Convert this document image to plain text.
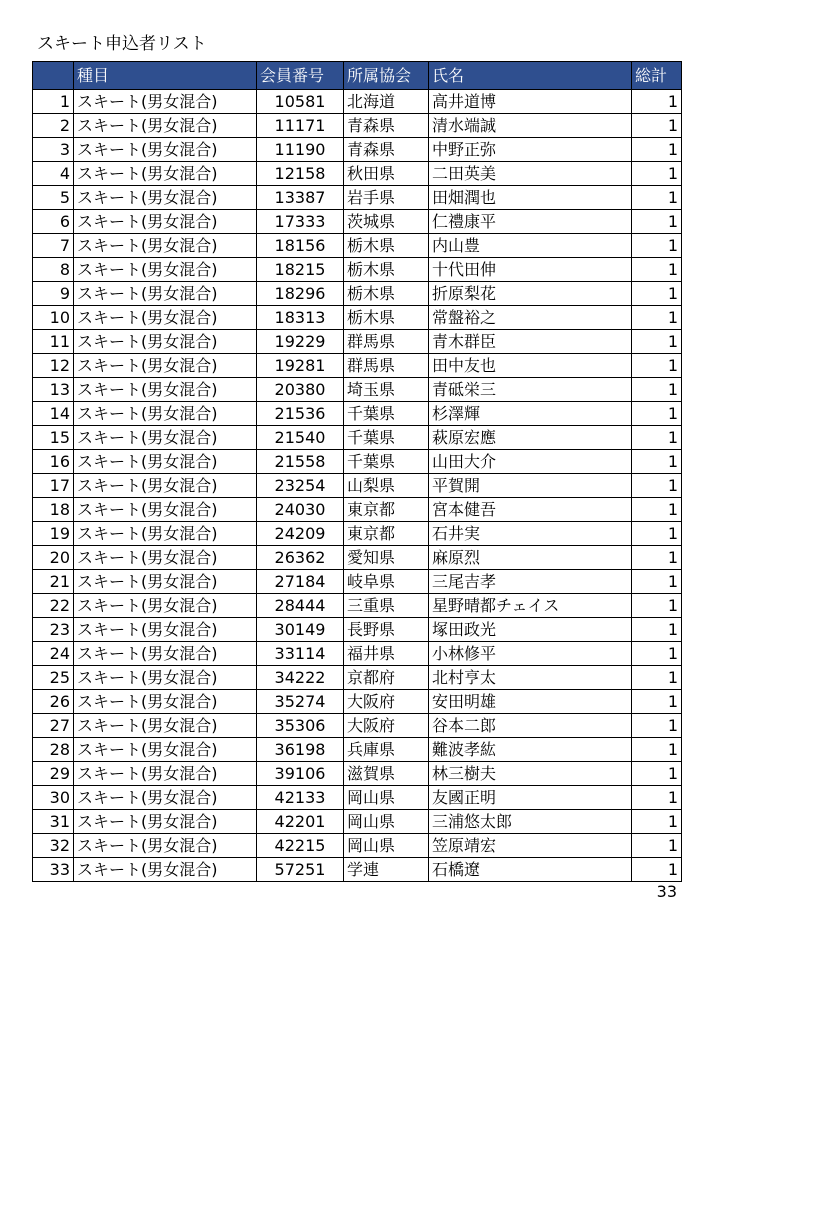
スキート申込者リスト
	種目	会員番号	所属協会	氏名	総計
1	スキート(男女混合)	10581	北海道	高井道博	1
2	スキート(男女混合)	11171	青森県	清水端誠	1
3	スキート(男女混合)	11190	青森県	中野正弥	1
4	スキート(男女混合)	12158	秋田県	二田英美	1
5	スキート(男女混合)	13387	岩手県	田畑潤也	1
6	スキート(男女混合)	17333	茨城県	仁禮康平	1
7	スキート(男女混合)	18156	栃木県	内山豊	1
8	スキート(男女混合)	18215	栃木県	十代田伸	1
9	スキート(男女混合)	18296	栃木県	折原梨花	1
10	スキート(男女混合)	18313	栃木県	常盤裕之	1
11	スキート(男女混合)	19229	群馬県	青木群臣	1
12	スキート(男女混合)	19281	群馬県	田中友也	1
13	スキート(男女混合)	20380	埼玉県	青砥栄三	1
14	スキート(男女混合)	21536	千葉県	杉澤輝	1
15	スキート(男女混合)	21540	千葉県	萩原宏應	1
16	スキート(男女混合)	21558	千葉県	山田大介	1
17	スキート(男女混合)	23254	山梨県	平賀開	1
18	スキート(男女混合)	24030	東京都	宮本健吾	1
19	スキート(男女混合)	24209	東京都	石井実	1
20	スキート(男女混合)	26362	愛知県	麻原烈	1
21	スキート(男女混合)	27184	岐阜県	三尾吉孝	1
22	スキート(男女混合)	28444	三重県	星野晴都チェイス	1
23	スキート(男女混合)	30149	長野県	塚田政光	1
24	スキート(男女混合)	33114	福井県	小林修平	1
25	スキート(男女混合)	34222	京都府	北村亨太	1
26	スキート(男女混合)	35274	大阪府	安田明雄	1
27	スキート(男女混合)	35306	大阪府	谷本二郎	1
28	スキート(男女混合)	36198	兵庫県	難波孝紘	1
29	スキート(男女混合)	39106	滋賀県	林三樹夫	1
30	スキート(男女混合)	42133	岡山県	友國正明	1
31	スキート(男女混合)	42201	岡山県	三浦悠太郎	1
32	スキート(男女混合)	42215	岡山県	笠原靖宏	1
33	スキート(男女混合)	57251	学連	石橋遼	1
33
